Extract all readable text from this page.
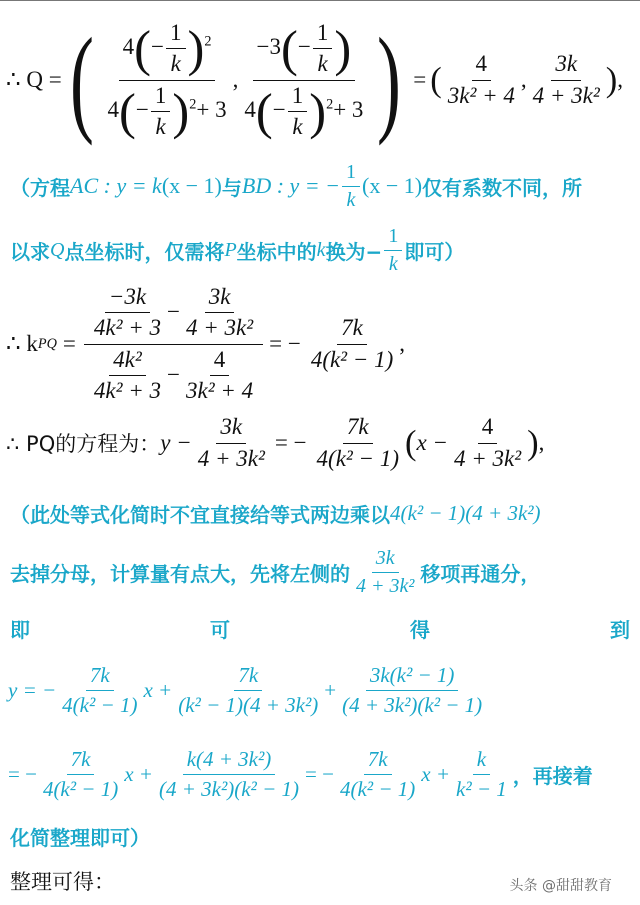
∴ Q = ( $\frac{4(- \frac{1}{k} )^2}{4(- \frac{1}{k} )^2+ 3}$ , $\frac{-3(- \frac{1}{k} )}{4(- \frac{1}{k} )^2+ 3}$ ) = ( $\frac{4}{\text{3k² + 4}}$ , $\frac{3k}{\text{4 + 3k²}}$ ) ,
（方程 AC : y = k (x − 1) 与 BD : y = − $\frac{1}{k} (x - 1)$ 仅有系数不同，所
以求 Q 点坐标时，仅需将 P 坐标中的 k 换为− $\frac{1}{k}$ 即可）
∴ k PQ = $\frac{\frac{-3k}{\text{4k² + 3}} - \frac{3k}{\text{4 + 3k²}}}{\frac{\text{4k²}}{\text{4k² + 3}} - \frac{4}{\text{3k² + 4}}}$ = − $\frac{7k}{\text{4(k² − 1)}}$ ,
∴ PQ的方程为： $y - \frac{3k}{\text{4 + 3k²}}$ = − $\frac{7k}{\text{4(k² − 1)}}$ ( $x - \frac{4}{\text{4 + 3k²}}$ ) ,
（此处等式化简时不宜直接给等式两边乘以 4(k² − 1)(4 + 3k²)
去掉分母，计算量有点大，先将左侧的 $\frac{3k}{\text{4 + 3k²}}$ 移项再通分，
即	可	得	到
y = − $\frac{7k}{\text{4(k² − 1)}}$ $x + \frac{7k}{\text{(k² − 1)(4 + 3k²)}} + \frac{\text{3k(k² − 1)}}{\text{(4 + 3k²)(k² − 1)}}$
= − $\frac{7k}{\text{4(k² − 1)}}$ $x + \frac{\text{k(4 + 3k²)}}{\text{(4 + 3k²)(k² − 1)}}$ = − $\frac{7k}{\text{4(k² − 1)}}$ $x + \frac{k}{\text{k² − 1}}$ ，再接着
化简整理即可）
整理可得：	头条 @甜甜教育
